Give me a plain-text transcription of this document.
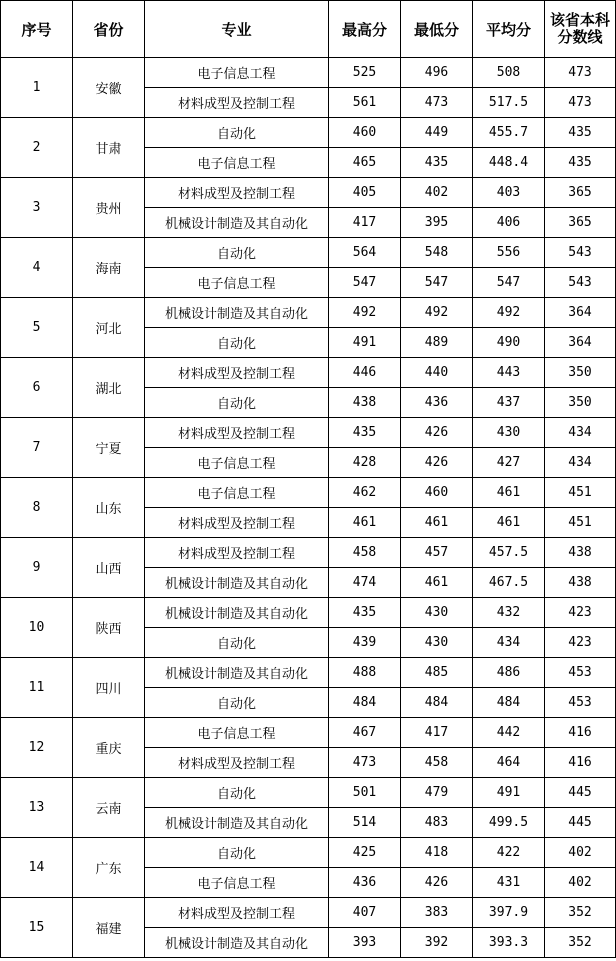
序号	省份	专业	最高分	最低分	平均分	该省本科分数线
1	安徽	电子信息工程	525	496	508	473
		材料成型及控制工程	561	473	517.5	473
2	甘肃	自动化	460	449	455.7	435
		电子信息工程	465	435	448.4	435
3	贵州	材料成型及控制工程	405	402	403	365
		机械设计制造及其自动化	417	395	406	365
4	海南	自动化	564	548	556	543
		电子信息工程	547	547	547	543
5	河北	机械设计制造及其自动化	492	492	492	364
		自动化	491	489	490	364
6	湖北	材料成型及控制工程	446	440	443	350
		自动化	438	436	437	350
7	宁夏	材料成型及控制工程	435	426	430	434
		电子信息工程	428	426	427	434
8	山东	电子信息工程	462	460	461	451
		材料成型及控制工程	461	461	461	451
9	山西	材料成型及控制工程	458	457	457.5	438
		机械设计制造及其自动化	474	461	467.5	438
10	陕西	机械设计制造及其自动化	435	430	432	423
		自动化	439	430	434	423
11	四川	机械设计制造及其自动化	488	485	486	453
		自动化	484	484	484	453
12	重庆	电子信息工程	467	417	442	416
		材料成型及控制工程	473	458	464	416
13	云南	自动化	501	479	491	445
		机械设计制造及其自动化	514	483	499.5	445
14	广东	自动化	425	418	422	402
		电子信息工程	436	426	431	402
15	福建	材料成型及控制工程	407	383	397.9	352
		机械设计制造及其自动化	393	392	393.3	352
